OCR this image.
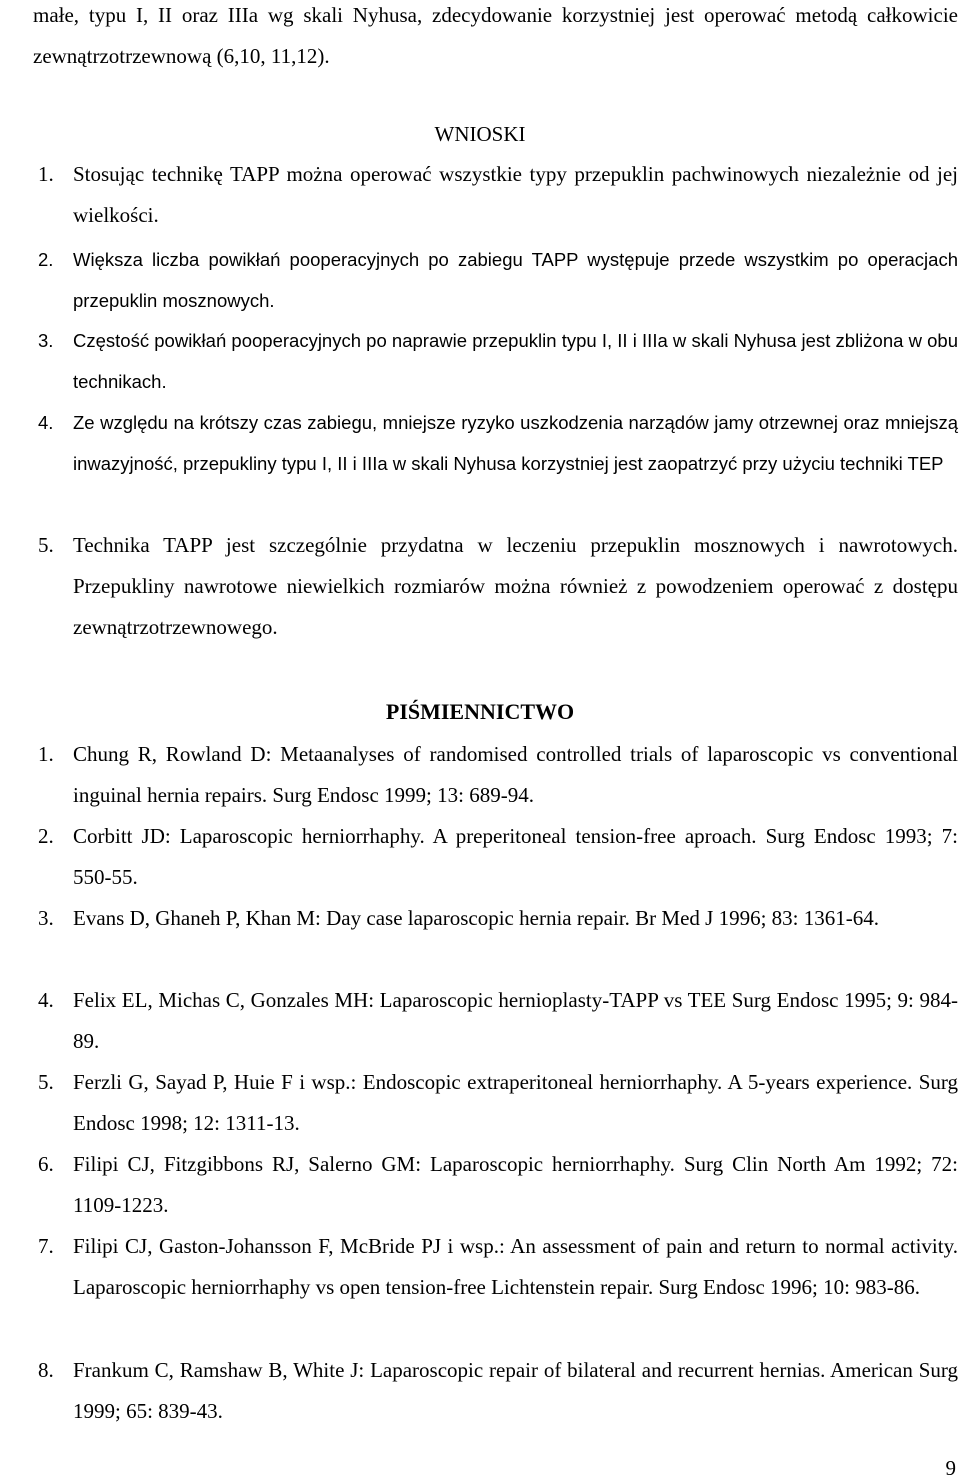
małe, typu I, II oraz IIIa wg skali Nyhusa, zdecydowanie korzystniej jest operować metodą całkowicie zewnątrzotrzewnową (6,10, 11,12).

WNIOSKI
1. Stosując technikę TAPP można operować wszystkie typy przepuklin pachwinowych niezależnie od jej wielkości.
2.	Większa liczba powikłań pooperacyjnych po zabiegu TAPP występuje przede wszystkim po operacjach przepuklin mosznowych.
3.	Częstość powikłań pooperacyjnych po naprawie przepuklin typu I, II i IIIa w skali Nyhusa jest zbliżona w obu technikach.
4.	Ze względu na krótszy czas zabiegu, mniejsze ryzyko uszkodzenia narządów jamy otrzewnej oraz mniejszą inwazyjność, przepukliny typu I, II i IIIa w skali Nyhusa korzystniej jest zaopatrzyć przy użyciu techniki TEP
5. Technika TAPP jest szczególnie przydatna w leczeniu przepuklin mosznowych i nawrotowych. Przepukliny nawrotowe niewielkich rozmiarów można również z powodzeniem operować z dostępu zewnątrzotrzewnowego.
PIŚMIENNICTWO
1. Chung R, Rowland D: Metaanalyses of randomised controlled trials of laparoscopic vs conventional inguinal hernia repairs. Surg Endosc 1999; 13: 689-94.
2. Corbitt JD: Laparoscopic herniorrhaphy. A preperitoneal tension-free aproach. Surg Endosc 1993; 7: 550-55.
3. Evans D, Ghaneh P, Khan M: Day case laparoscopic hernia repair. Br Med J 1996; 83: 1361-64.
4. Felix EL, Michas C, Gonzales MH: Laparoscopic hernioplasty-TAPP vs TEE Surg Endosc 1995; 9: 984-89.
5. Ferzli G, Sayad P, Huie F i wsp.: Endoscopic extraperitoneal herniorrhaphy. A 5-years experience. Surg Endosc 1998; 12: 1311-13.
6. Filipi CJ, Fitzgibbons RJ, Salerno GM: Laparoscopic herniorrhaphy. Surg Clin North Am 1992; 72: 1109-1223.
7. Filipi CJ, Gaston-Johansson F, McBride PJ i wsp.: An assessment of pain and return to normal activity. Laparoscopic herniorrhaphy vs open tension-free Lichtenstein repair. Surg Endosc 1996; 10: 983-86.
8. Frankum C, Ramshaw B, White J: Laparoscopic repair of bilateral and recurrent hernias. American Surg 1999; 65: 839-43.
9
